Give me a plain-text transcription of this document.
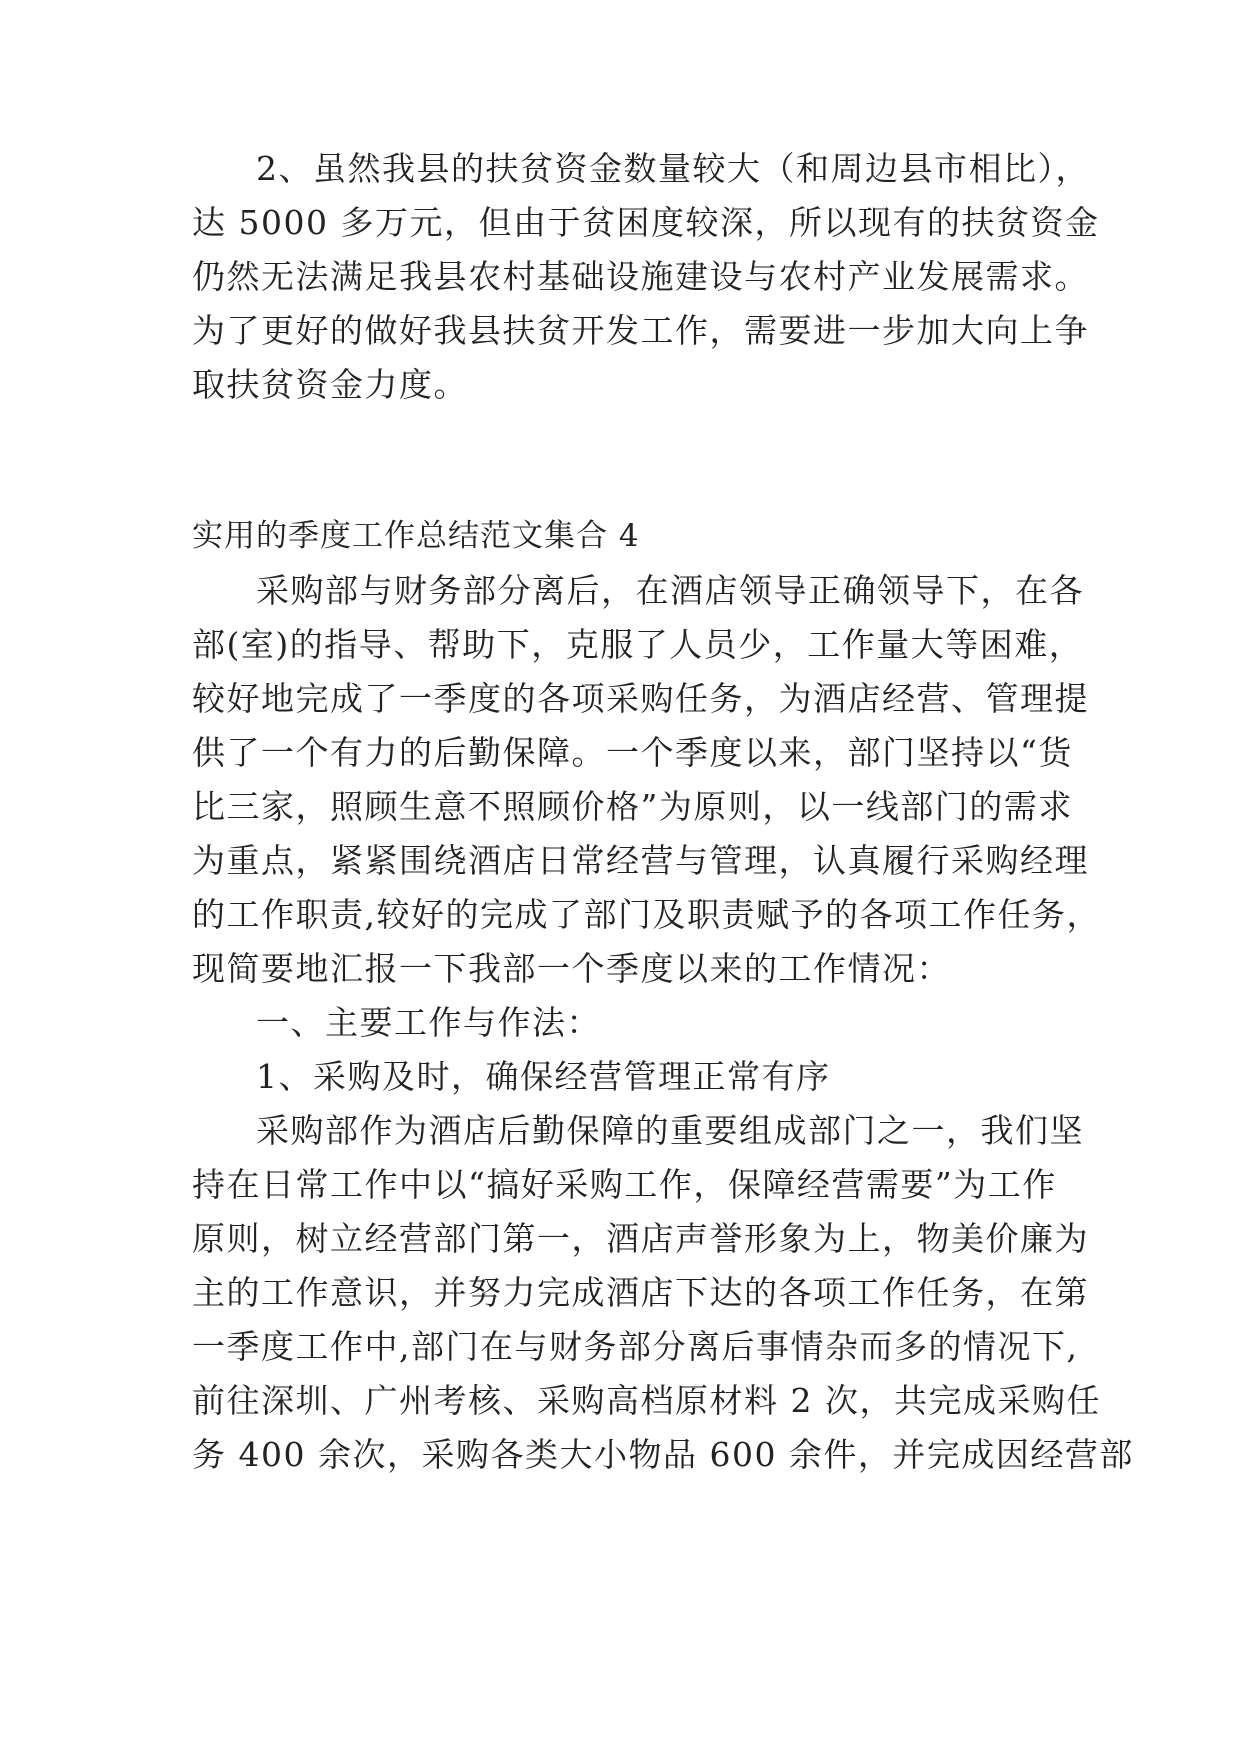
2、虽然我县的扶贫资金数量较大（和周边县市相比），
达 5000 多万元，但由于贫困度较深，所以现有的扶贫资金
仍然无法满足我县农村基础设施建设与农村产业发展需求。
为了更好的做好我县扶贫开发工作，需要进一步加大向上争
取扶贫资金力度。
实用的季度工作总结范文集合 4
采购部与财务部分离后，在酒店领导正确领导下，在各
部(室)的指导、帮助下，克服了人员少，工作量大等困难，
较好地完成了一季度的各项采购任务，为酒店经营、管理提
供了一个有力的后勤保障。一个季度以来，部门坚持以“货
比三家，照顾生意不照顾价格”为原则，以一线部门的需求
为重点，紧紧围绕酒店日常经营与管理，认真履行采购经理
的工作职责,较好的完成了部门及职责赋予的各项工作任务，
现简要地汇报一下我部一个季度以来的工作情况：
一、主要工作与作法：
1、采购及时，确保经营管理正常有序
采购部作为酒店后勤保障的重要组成部门之一，我们坚
持在日常工作中以“搞好采购工作，保障经营需要”为工作
原则，树立经营部门第一，酒店声誉形象为上，物美价廉为
主的工作意识，并努力完成酒店下达的各项工作任务，在第
一季度工作中,部门在与财务部分离后事情杂而多的情况下,
前往深圳、广州考核、采购高档原材料 2 次，共完成采购任
务 400 余次，采购各类大小物品 600 余件，并完成因经营部
